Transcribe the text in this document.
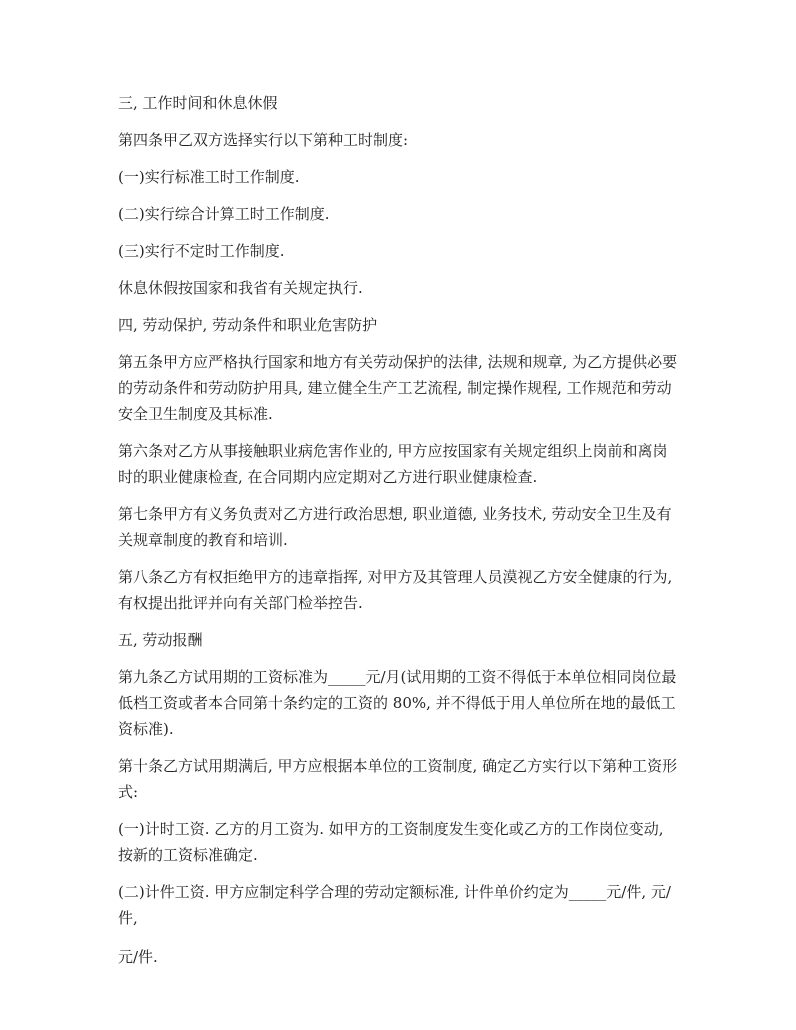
三, 工作时间和休息休假

第四条甲乙双方选择实行以下第种工时制度:

(一)实行标准工时工作制度.

(二)实行综合计算工时工作制度.

(三)实行不定时工作制度.

休息休假按国家和我省有关规定执行.

四, 劳动保护, 劳动条件和职业危害防护

第五条甲方应严格执行国家和地方有关劳动保护的法律, 法规和规章, 为乙方提供必要的劳动条件和劳动防护用具, 建立健全生产工艺流程, 制定操作规程, 工作规范和劳动安全卫生制度及其标准.

第六条对乙方从事接触职业病危害作业的, 甲方应按国家有关规定组织上岗前和离岗时的职业健康检查, 在合同期内应定期对乙方进行职业健康检查.

第七条甲方有义务负责对乙方进行政治思想, 职业道德, 业务技术, 劳动安全卫生及有关规章制度的教育和培训.

第八条乙方有权拒绝甲方的违章指挥, 对甲方及其管理人员漠视乙方安全健康的行为, 有权提出批评并向有关部门检举控告.

五, 劳动报酬

第九条乙方试用期的工资标准为_____元/月(试用期的工资不得低于本单位相同岗位最低档工资或者本合同第十条约定的工资的 80%, 并不得低于用人单位所在地的最低工资标准).

第十条乙方试用期满后, 甲方应根据本单位的工资制度, 确定乙方实行以下第种工资形式:

(一)计时工资. 乙方的月工资为. 如甲方的工资制度发生变化或乙方的工作岗位变动, 按新的工资标准确定.

(二)计件工资. 甲方应制定科学合理的劳动定额标准, 计件单价约定为_____元/件, 元/件,

元/件.
